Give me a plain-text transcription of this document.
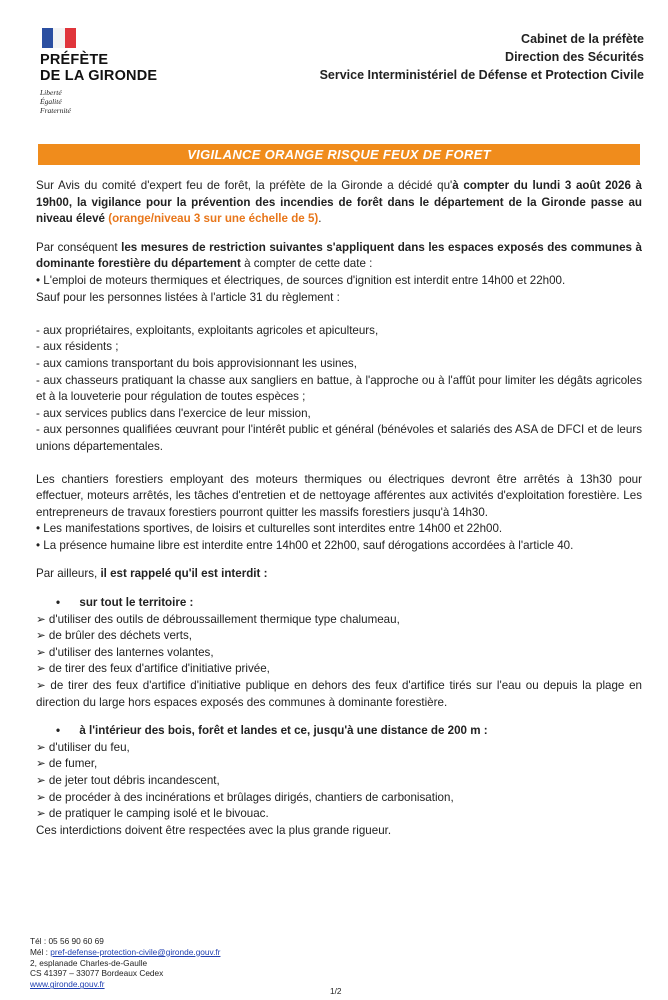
PRÉFÈTE
DE LA GIRONDE
Liberté
Égalité
Fraternité
Cabinet de la préfète
Direction des Sécurités
Service Interministériel de Défense et Protection Civile
VIGILANCE ORANGE RISQUE FEUX DE FORET

Sur Avis du comité d'expert feu de forêt, la préfète de la Gironde a décidé qu'à compter du lundi 3 août 2026 à 19h00, la vigilance pour la prévention des incendies de forêt dans le département de la Gironde passe au niveau élevé (orange/niveau 3 sur une échelle de 5).

Par conséquent les mesures de restriction suivantes s'appliquent dans les espaces exposés des communes à dominante forestière du département à compter de cette date :

• L'emploi de moteurs thermiques et électriques, de sources d'ignition est interdit entre 14h00 et 22h00.

Sauf pour les personnes listées à l'article 31 du règlement :

- aux propriétaires, exploitants, exploitants agricoles et apiculteurs,

- aux résidents ;

- aux camions transportant du bois approvisionnant les usines,

- aux chasseurs pratiquant la chasse aux sangliers en battue, à l'approche ou à l'affût pour limiter les dégâts agricoles et à la louveterie pour régulation de toutes espèces ;

- aux services publics dans l'exercice de leur mission,

- aux personnes qualifiées œuvrant pour l'intérêt public et général (bénévoles et salariés des ASA de DFCI et de leurs unions départementales.

Les chantiers forestiers employant des moteurs thermiques ou électriques devront être arrêtés à 13h30 pour effectuer, moteurs arrêtés, les tâches d'entretien et de nettoyage afférentes aux activités d'exploitation forestière. Les entrepreneurs de travaux forestiers pourront quitter les massifs forestiers jusqu'à 14h30.

• Les manifestations sportives, de loisirs et culturelles sont interdites entre 14h00 et 22h00.

• La présence humaine libre est interdite entre 14h00 et 22h00, sauf dérogations accordées à l'article 40.

Par ailleurs, il est rappelé qu'il est interdit :

•      sur tout le territoire :

➢ d'utiliser des outils de débroussaillement thermique type chalumeau,

➢ de brûler des déchets verts,

➢ d'utiliser des lanternes volantes,

➢ de tirer des feux d'artifice d'initiative privée,

➢ de tirer des feux d'artifice d'initiative publique en dehors des feux d'artifice tirés sur l'eau ou depuis la plage en direction du large hors espaces exposés des communes à dominante forestière.

•      à l'intérieur des bois, forêt et landes et ce, jusqu'à une distance de 200 m :

➢ d'utiliser du feu,

➢ de fumer,

➢ de jeter tout débris incandescent,

➢ de procéder à des incinérations et brûlages dirigés, chantiers de carbonisation,

➢ de pratiquer le camping isolé et le bivouac.

Ces interdictions doivent être respectées avec la plus grande rigueur.

Tél : 05 56 90 60 69
Mél : pref-defense-protection-civile@gironde.gouv.fr
2, esplanade Charles-de-Gaulle
CS 41397 – 33077 Bordeaux Cedex
www.gironde.gouv.fr
1/2
